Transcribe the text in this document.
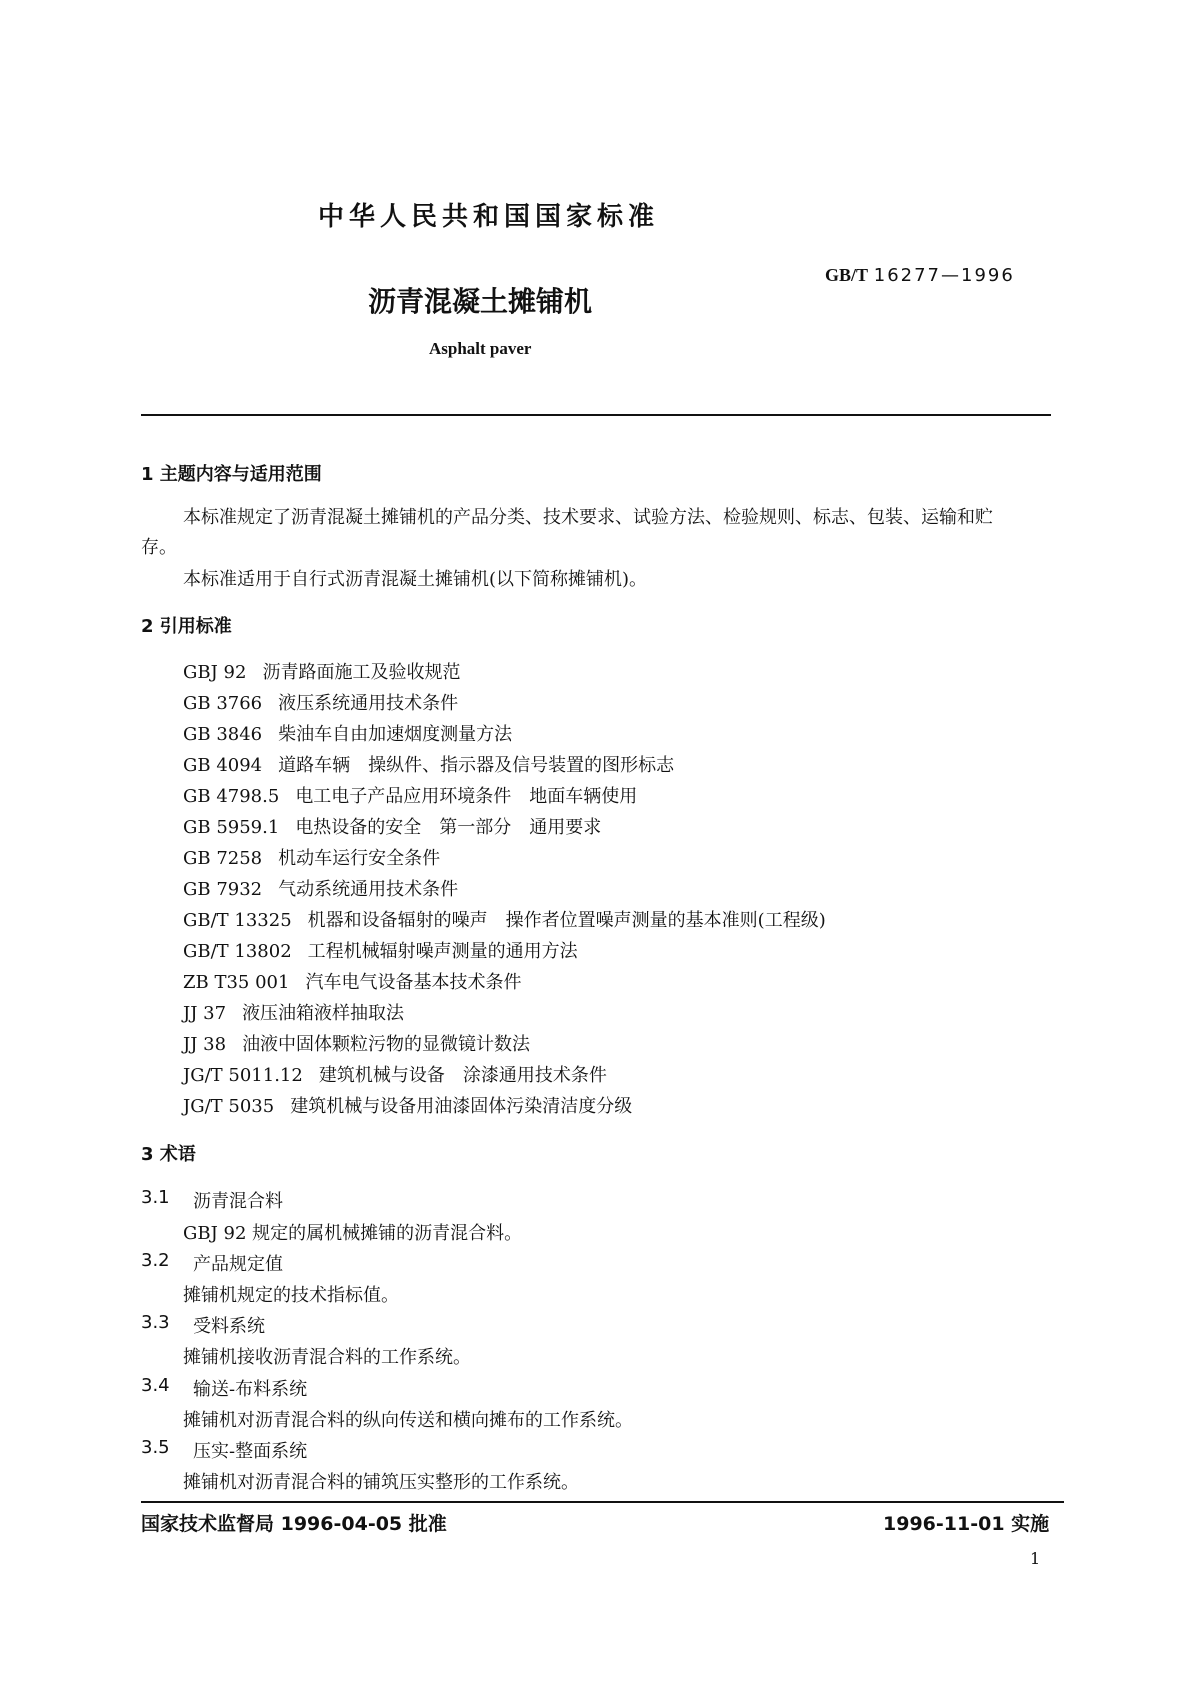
中华人民共和国国家标准
GB/T 16277—1996
沥青混凝土摊铺机
Asphalt paver
1 主题内容与适用范围
本标准规定了沥青混凝土摊铺机的产品分类、技术要求、试验方法、检验规则、标志、包装、运输和贮
存。
本标准适用于自行式沥青混凝土摊铺机(以下简称摊铺机)。
2 引用标准
GBJ 92 沥青路面施工及验收规范
GB 3766 液压系统通用技术条件
GB 3846 柴油车自由加速烟度测量方法
GB 4094 道路车辆　操纵件、指示器及信号装置的图形标志
GB 4798.5 电工电子产品应用环境条件　地面车辆使用
GB 5959.1 电热设备的安全　第一部分　通用要求
GB 7258 机动车运行安全条件
GB 7932 气动系统通用技术条件
GB/T 13325 机器和设备辐射的噪声　操作者位置噪声测量的基本准则(工程级)
GB/T 13802 工程机械辐射噪声测量的通用方法
ZB T35 001 汽车电气设备基本技术条件
JJ 37 液压油箱液样抽取法
JJ 38 油液中固体颗粒污物的显微镜计数法
JG/T 5011.12 建筑机械与设备　涂漆通用技术条件
JG/T 5035 建筑机械与设备用油漆固体污染清洁度分级
3 术语
3.1 沥青混合料
GBJ 92 规定的属机械摊铺的沥青混合料。
3.2 产品规定值
摊铺机规定的技术指标值。
3.3 受料系统
摊铺机接收沥青混合料的工作系统。
3.4 输送-布料系统
摊铺机对沥青混合料的纵向传送和横向摊布的工作系统。
3.5 压实-整面系统
摊铺机对沥青混合料的铺筑压实整形的工作系统。
国家技术监督局 1996-04-05 批准	1996-11-01 实施
1
